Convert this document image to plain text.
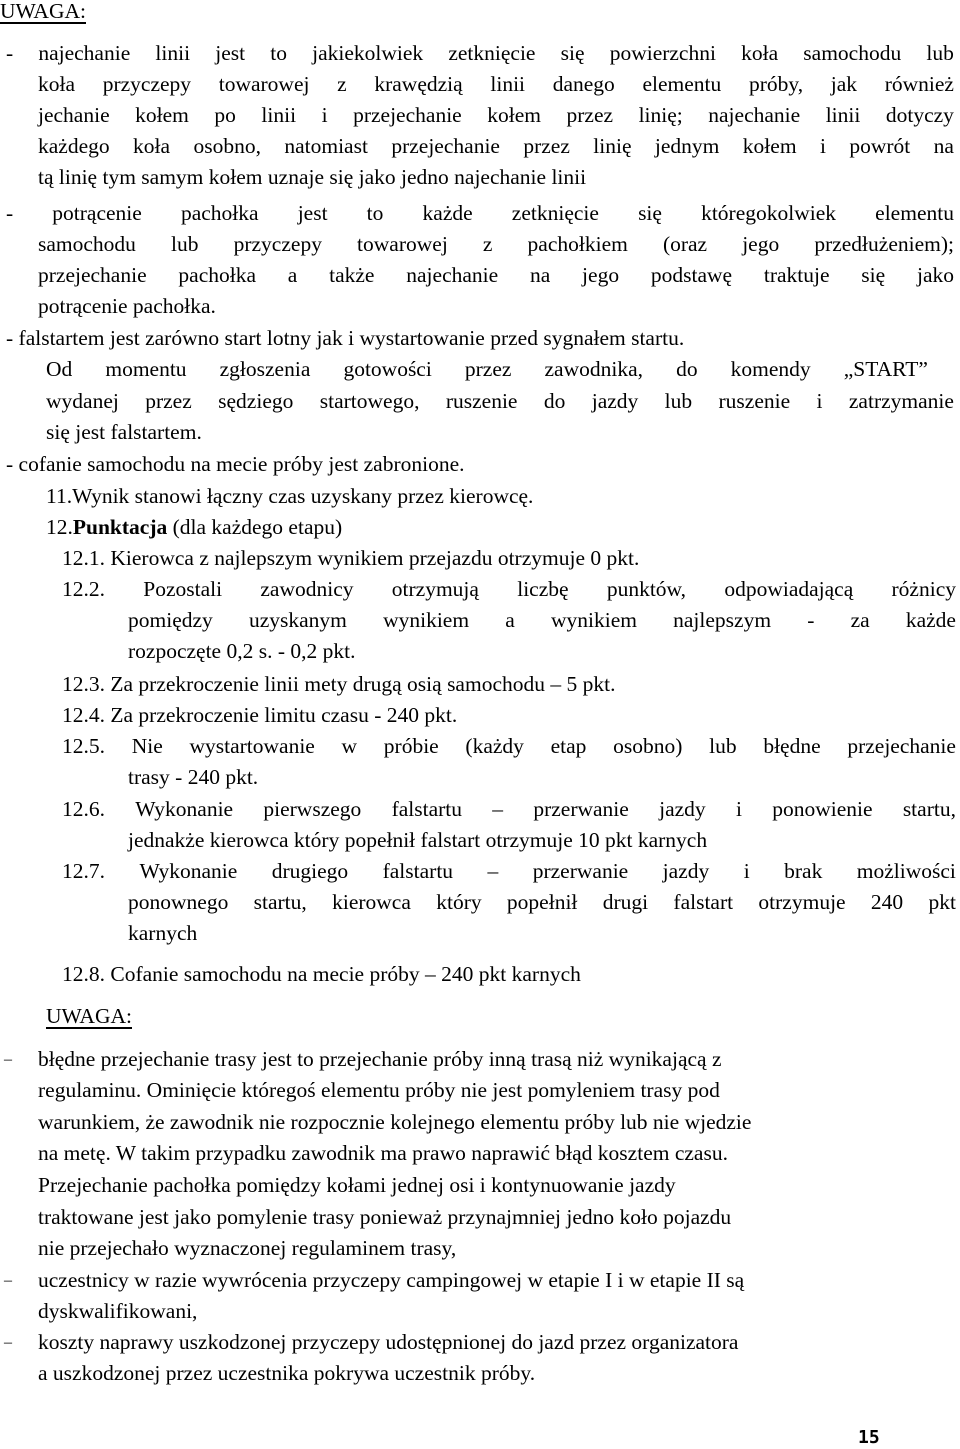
UWAGA:
- najechanie linii jest to jakiekolwiek zetknięcie się powierzchni koła samochodu lub
koła przyczepy towarowej z krawędzią linii danego elementu próby, jak również
jechanie kołem po linii i przejechanie kołem przez linię; najechanie linii dotyczy
każdego koła osobno, natomiast przejechanie przez linię jednym kołem i powrót na
tą linię tym samym kołem uznaje się jako jedno najechanie linii
- potrącenie pachołka jest to każde zetknięcie się któregokolwiek elementu
samochodu lub przyczepy towarowej z pachołkiem (oraz jego przedłużeniem);
przejechanie pachołka a także najechanie na jego podstawę traktuje się jako
potrącenie pachołka.
- falstartem jest zarówno start lotny jak i wystartowanie przed sygnałem startu.
Od momentu zgłoszenia gotowości przez zawodnika, do komendy „START”
wydanej przez sędziego startowego, ruszenie do jazdy lub ruszenie i zatrzymanie
się jest falstartem.
- cofanie samochodu na mecie próby jest zabronione.
11.Wynik stanowi łączny czas uzyskany przez kierowcę.
12.Punktacja (dla każdego etapu)
12.1. Kierowca z najlepszym wynikiem przejazdu otrzymuje 0 pkt.
12.2. Pozostali zawodnicy otrzymują liczbę punktów, odpowiadającą różnicy
pomiędzy uzyskanym wynikiem a wynikiem najlepszym - za każde
rozpoczęte 0,2 s. - 0,2 pkt.
12.3. Za przekroczenie linii mety drugą osią samochodu – 5 pkt.
12.4. Za przekroczenie limitu czasu - 240 pkt.
12.5. Nie wystartowanie w próbie (każdy etap osobno) lub błędne przejechanie
trasy - 240 pkt.
12.6. Wykonanie pierwszego falstartu – przerwanie jazdy i ponowienie startu,
jednakże kierowca który popełnił falstart otrzymuje 10 pkt karnych
12.7. Wykonanie drugiego falstartu – przerwanie jazdy i brak możliwości
ponownego startu, kierowca który popełnił drugi falstart otrzymuje 240 pkt
karnych
12.8. Cofanie samochodu na mecie próby – 240 pkt karnych
UWAGA:
– błędne przejechanie trasy jest to przejechanie próby inną trasą niż wynikającą z
regulaminu. Ominięcie któregoś elementu próby nie jest pomyleniem trasy pod
warunkiem, że zawodnik nie rozpocznie kolejnego elementu próby lub nie wjedzie
na metę. W takim przypadku zawodnik ma prawo naprawić błąd kosztem czasu.
Przejechanie pachołka pomiędzy kołami jednej osi i kontynuowanie jazdy
traktowane jest jako pomylenie trasy ponieważ przynajmniej jedno koło pojazdu
nie przejechało wyznaczonej regulaminem trasy,
– uczestnicy w razie wywrócenia przyczepy campingowej w etapie I i w etapie II są
dyskwalifikowani,
– koszty naprawy uszkodzonej przyczepy udostępnionej do jazd przez organizatora
a uszkodzonej przez uczestnika pokrywa uczestnik próby.
15
